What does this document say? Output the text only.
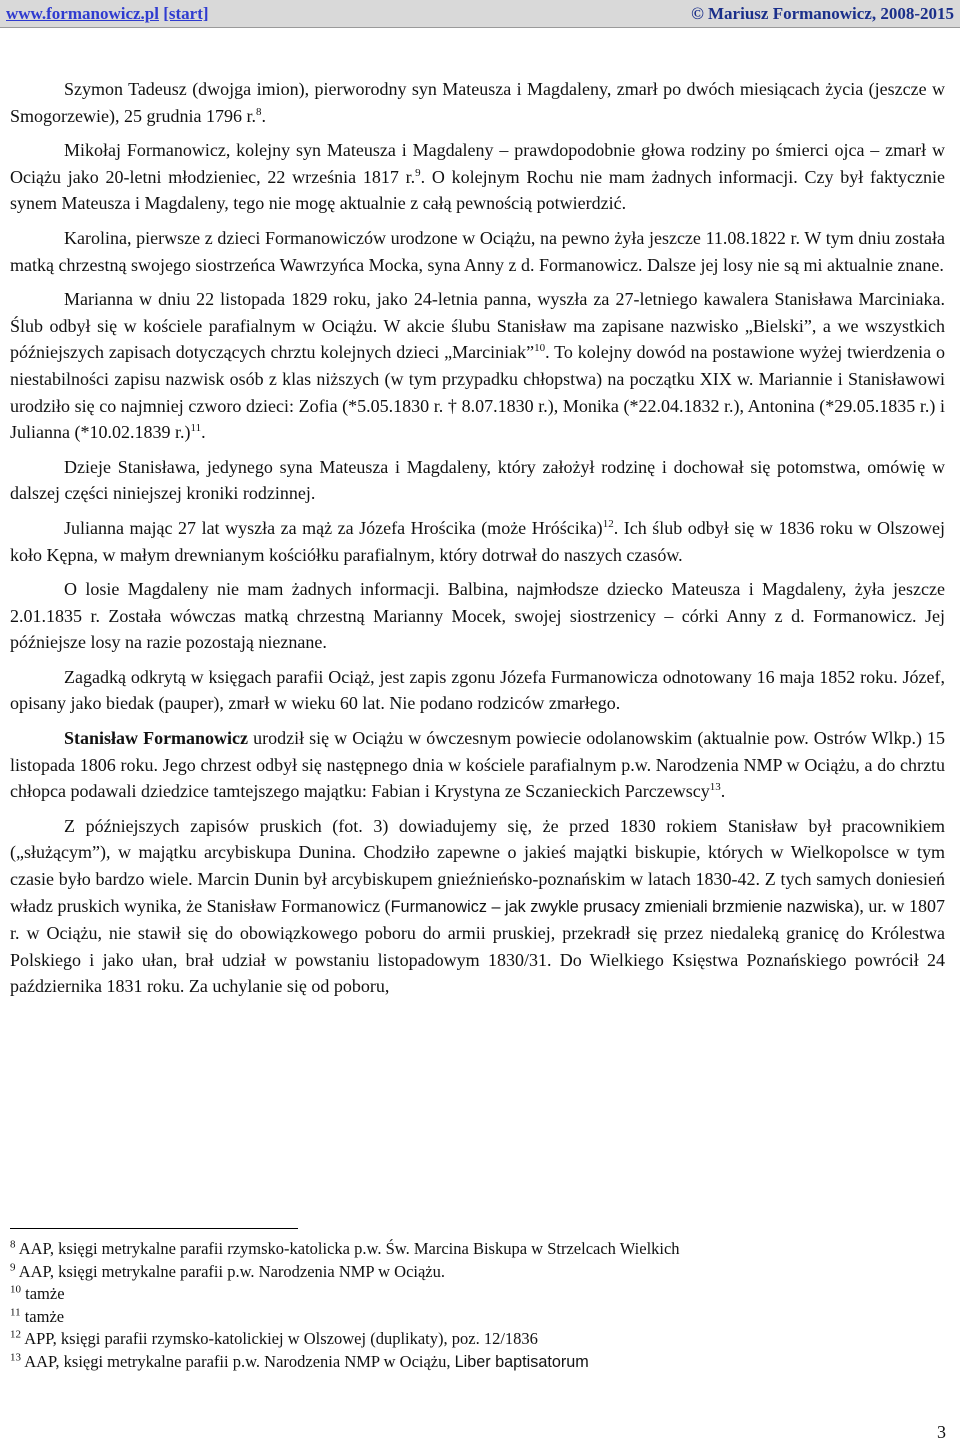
www.formanowicz.pl [start]	© Mariusz Formanowicz, 2008-2015

Szymon Tadeusz (dwojga imion), pierworodny syn Mateusza i Magdaleny, zmarł po dwóch miesiącach życia (jeszcze w Smogorzewie), 25 grudnia 1796 r.$^8$.

Mikołaj Formanowicz, kolejny syn Mateusza i Magdaleny – prawdopodobnie głowa rodziny po śmierci ojca – zmarł w Ociążu jako 20-letni młodzieniec, 22 września 1817 r.$^9$. O kolejnym Rochu nie mam żadnych informacji. Czy był faktycznie synem Mateusza i Magdaleny, tego nie mogę aktualnie z całą pewnością potwierdzić.

Karolina, pierwsze z dzieci Formanowiczów urodzone w Ociążu, na pewno żyła jeszcze 11.08.1822 r. W tym dniu została matką chrzestną swojego siostrzeńca Wawrzyńca Mocka, syna Anny z d. Formanowicz. Dalsze jej losy nie są mi aktualnie znane.

Marianna w dniu 22 listopada 1829 roku, jako 24-letnia panna, wyszła za 27-letniego kawalera Stanisława Marciniaka. Ślub odbył się w kościele parafialnym w Ociążu. W akcie ślubu Stanisław ma zapisane nazwisko „Bielski”, a we wszystkich późniejszych zapisach dotyczących chrztu kolejnych dzieci „Marciniak”$^{10}$. To kolejny dowód na postawione wyżej twierdzenia o niestabilności zapisu nazwisk osób z klas niższych (w tym przypadku chłopstwa) na początku XIX w. Mariannie i Stanisławowi urodziło się co najmniej czworo dzieci: Zofia (*5.05.1830 r. † 8.07.1830 r.), Monika (*22.04.1832 r.), Antonina (*29.05.1835 r.) i Julianna (*10.02.1839 r.)$^{11}$.

Dzieje Stanisława, jedynego syna Mateusza i Magdaleny, który założył rodzinę i dochował się potomstwa, omówię w dalszej części niniejszej kroniki rodzinnej.

Julianna mając 27 lat wyszła za mąż za Józefa Hrościka (może Hróścika)$^{12}$. Ich ślub odbył się w 1836 roku w Olszowej koło Kępna, w małym drewnianym kościółku parafialnym, który dotrwał do naszych czasów.

O losie Magdaleny nie mam żadnych informacji. Balbina, najmłodsze dziecko Mateusza i Magdaleny, żyła jeszcze 2.01.1835 r. Została wówczas matką chrzestną Marianny Mocek, swojej siostrzenicy – córki Anny z d. Formanowicz. Jej późniejsze losy na razie pozostają nieznane.

Zagadką odkrytą w księgach parafii Ociąż, jest zapis zgonu Józefa Furmanowicza odnotowany 16 maja 1852 roku. Józef, opisany jako biedak (pauper), zmarł w wieku 60 lat. Nie podano rodziców zmarłego.

Stanisław Formanowicz urodził się w Ociążu w ówczesnym powiecie odolanowskim (aktualnie pow. Ostrów Wlkp.) 15 listopada 1806 roku. Jego chrzest odbył się następnego dnia w kościele parafialnym p.w. Narodzenia NMP w Ociążu, a do chrztu chłopca podawali dziedzice tamtejszego majątku: Fabian i Krystyna ze Sczanieckich Parczewscy$^{13}$.

Z późniejszych zapisów pruskich (fot. 3) dowiadujemy się, że przed 1830 rokiem Stanisław był pracownikiem („służącym”), w majątku arcybiskupa Dunina. Chodziło zapewne o jakieś majątki biskupie, których w Wielkopolsce w tym czasie było bardzo wiele. Marcin Dunin był arcybiskupem gnieźnieńsko-poznańskim w latach 1830-42. Z tych samych doniesień władz pruskich wynika, że Stanisław Formanowicz (Furmanowicz – jak zwykle prusacy zmieniali brzmienie nazwiska), ur. w 1807 r. w Ociążu, nie stawił się do obowiązkowego poboru do armii pruskiej, przekradł się przez niedaleką granicę do Królestwa Polskiego i jako ułan, brał udział w powstaniu listopadowym 1830/31. Do Wielkiego Księstwa Poznańskiego powrócił 24 października 1831 roku. Za uchylanie się od poboru,

$^8$ AAP, księgi metrykalne parafii rzymsko-katolicka p.w. Św. Marcina Biskupa w Strzelcach Wielkich
$^9$ AAP, księgi metrykalne parafii p.w. Narodzenia NMP w Ociążu.
$^{10}$ tamże
$^{11}$ tamże
$^{12}$ APP, księgi parafii rzymsko-katolickiej w Olszowej (duplikaty), poz. 12/1836
$^{13}$ AAP, księgi metrykalne parafii p.w. Narodzenia NMP w Ociążu, Liber baptisatorum
3
